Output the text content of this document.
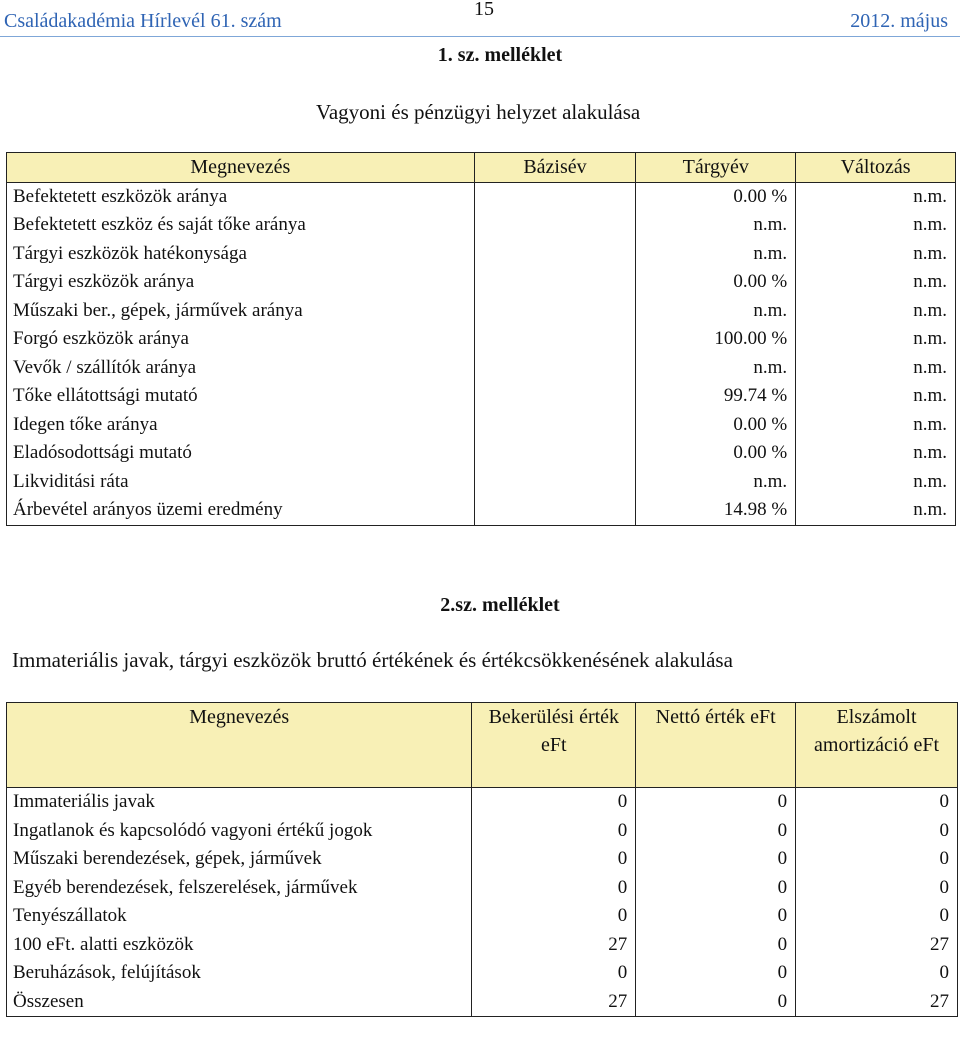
Családakadémia Hírlevél 61. szám
15
2012. május
1. sz. melléklet
Vagyoni és pénzügyi helyzet alakulása
Megnevezés	Bázisév	Tárgyév	Változás
Befektetett eszközök aránya		0.00 %	n.m.
Befektetett eszköz és saját tőke aránya		n.m.	n.m.
Tárgyi eszközök hatékonysága		n.m.	n.m.
Tárgyi eszközök aránya		0.00 %	n.m.
Műszaki ber., gépek, járművek aránya		n.m.	n.m.
Forgó eszközök aránya		100.00 %	n.m.
Vevők / szállítók aránya		n.m.	n.m.
Tőke ellátottsági mutató		99.74 %	n.m.
Idegen tőke aránya		0.00 %	n.m.
Eladósodottsági mutató		0.00 %	n.m.
Likviditási ráta		n.m.	n.m.
Árbevétel arányos üzemi eredmény		14.98 %	n.m.
2.sz. melléklet
Immateriális javak, tárgyi eszközök bruttó értékének és értékcsökkenésének alakulása
Megnevezés	Bekerülési érték eFt	Nettó érték eFt	Elszámolt amortizáció eFt
Immateriális javak	0	0	0
Ingatlanok és kapcsolódó vagyoni értékű jogok	0	0	0
Műszaki berendezések, gépek, járművek	0	0	0
Egyéb berendezések, felszerelések, járművek	0	0	0
Tenyészállatok	0	0	0
100 eFt. alatti eszközök	27	0	27
Beruházások, felújítások	0	0	0
Összesen	27	0	27
